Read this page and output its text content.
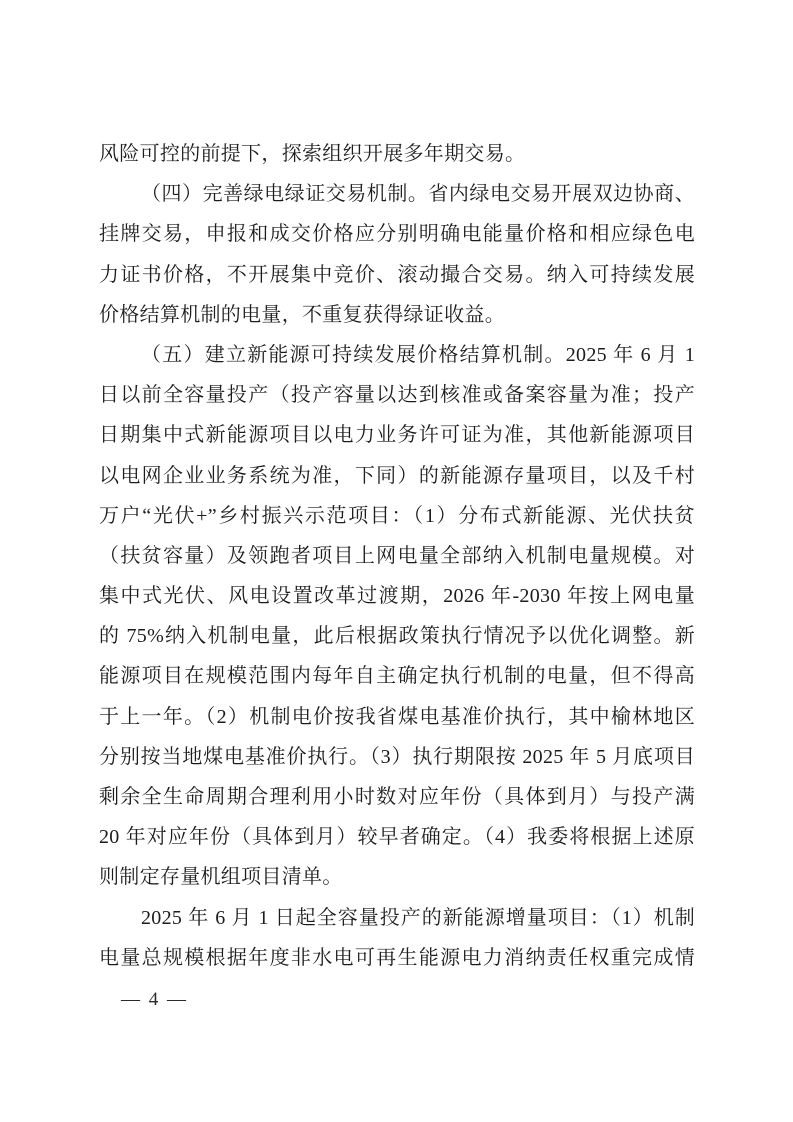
风险可控的前提下，探索组织开展多年期交易。
（四）完善绿电绿证交易机制。省内绿电交易开展双边协商、
挂牌交易，申报和成交价格应分别明确电能量价格和相应绿色电
力证书价格，不开展集中竞价、滚动撮合交易。纳入可持续发展
价格结算机制的电量，不重复获得绿证收益。
（五）建立新能源可持续发展价格结算机制。2025 年 6 月 1
日以前全容量投产（投产容量以达到核准或备案容量为准；投产
日期集中式新能源项目以电力业务许可证为准，其他新能源项目
以电网企业业务系统为准，下同）的新能源存量项目，以及千村
万户“光伏+”乡村振兴示范项目：（1）分布式新能源、光伏扶贫
（扶贫容量）及领跑者项目上网电量全部纳入机制电量规模。对
集中式光伏、风电设置改革过渡期，2026 年-2030 年按上网电量
的 75%纳入机制电量，此后根据政策执行情况予以优化调整。新
能源项目在规模范围内每年自主确定执行机制的电量，但不得高
于上一年。（2）机制电价按我省煤电基准价执行，其中榆林地区
分别按当地煤电基准价执行。（3）执行期限按 2025 年 5 月底项目
剩余全生命周期合理利用小时数对应年份（具体到月）与投产满
20 年对应年份（具体到月）较早者确定。（4）我委将根据上述原
则制定存量机组项目清单。
2025 年 6 月 1 日起全容量投产的新能源增量项目：（1）机制
电量总规模根据年度非水电可再生能源电力消纳责任权重完成情
— 4 —
